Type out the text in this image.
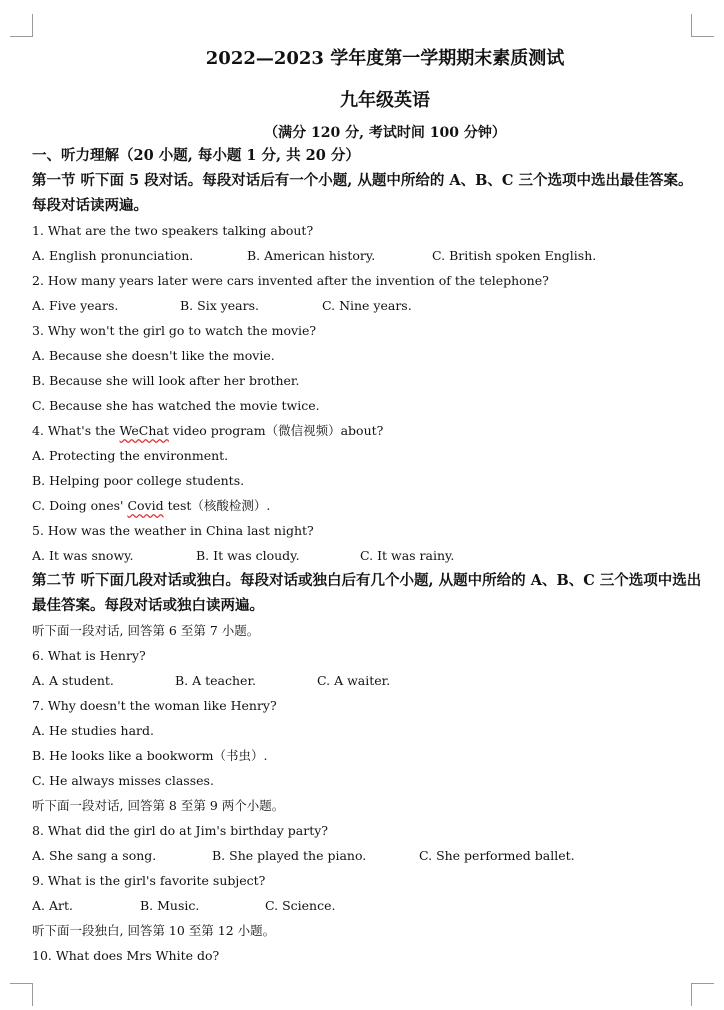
2022—2023 学年度第一学期期末素质测试
九年级英语
（满分 120 分, 考试时间 100 分钟）
一、听力理解（20 小题, 每小题 1 分, 共 20 分）
第一节 听下面 5 段对话。每段对话后有一个小题, 从题中所给的 A、B、C 三个选项中选出最佳答案。每段对话读两遍。
1. What are the two speakers talking about?
A. English pronunciation.	B. American history.	C. British spoken English.
2. How many years later were cars invented after the invention of the telephone?
A. Five years.	B. Six years.	C. Nine years.
3. Why won't the girl go to watch the movie?
A. Because she doesn't like the movie.
B. Because she will look after her brother.
C. Because she has watched the movie twice.
4. What's the WeChat video program（微信视频）about?
A. Protecting the environment.
B. Helping poor college students.
C. Doing ones' Covid test（核酸检测）.
5. How was the weather in China last night?
A. It was snowy.	B. It was cloudy.	C. It was rainy.
第二节 听下面几段对话或独白。每段对话或独白后有几个小题, 从题中所给的 A、B、C 三个选项中选出最佳答案。每段对话或独白读两遍。
听下面一段对话, 回答第 6 至第 7 小题。
6. What is Henry?
A. A student.	B. A teacher.	C. A waiter.
7. Why doesn't the woman like Henry?
A. He studies hard.
B. He looks like a bookworm（书虫）.
C. He always misses classes.
听下面一段对话, 回答第 8 至第 9 两个小题。
8. What did the girl do at Jim's birthday party?
A. She sang a song.	B. She played the piano.	C. She performed ballet.
9. What is the girl's favorite subject?
A. Art.	B. Music.	C. Science.
听下面一段独白, 回答第 10 至第 12 小题。
10. What does Mrs White do?
